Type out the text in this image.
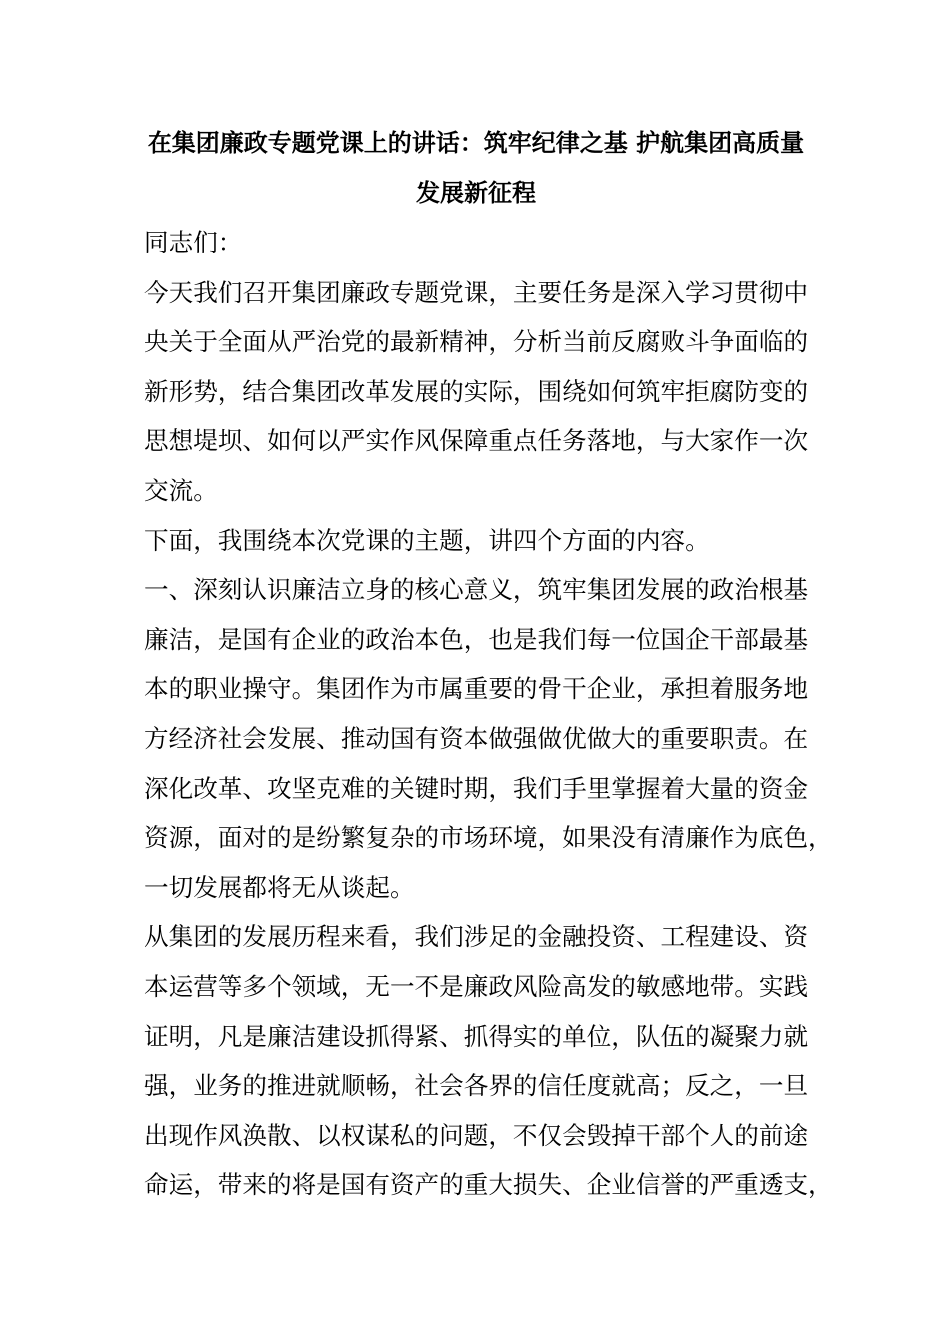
在集团廉政专题党课上的讲话：筑牢纪律之基 护航集团高质量
发展新征程

同志们：

今天我们召开集团廉政专题党课，主要任务是深入学习贯彻中
央关于全面从严治党的最新精神，分析当前反腐败斗争面临的
新形势，结合集团改革发展的实际，围绕如何筑牢拒腐防变的
思想堤坝、如何以严实作风保障重点任务落地，与大家作一次
交流。

下面，我围绕本次党课的主题，讲四个方面的内容。

一、深刻认识廉洁立身的核心意义，筑牢集团发展的政治根基

廉洁，是国有企业的政治本色，也是我们每一位国企干部最基
本的职业操守。集团作为市属重要的骨干企业，承担着服务地
方经济社会发展、推动国有资本做强做优做大的重要职责。在
深化改革、攻坚克难的关键时期，我们手里掌握着大量的资金
资源，面对的是纷繁复杂的市场环境，如果没有清廉作为底色，
一切发展都将无从谈起。

从集团的发展历程来看，我们涉足的金融投资、工程建设、资
本运营等多个领域，无一不是廉政风险高发的敏感地带。实践
证明，凡是廉洁建设抓得紧、抓得实的单位，队伍的凝聚力就
强，业务的推进就顺畅，社会各界的信任度就高；反之，一旦
出现作风涣散、以权谋私的问题，不仅会毁掉干部个人的前途
命运，带来的将是国有资产的重大损失、企业信誉的严重透支，
